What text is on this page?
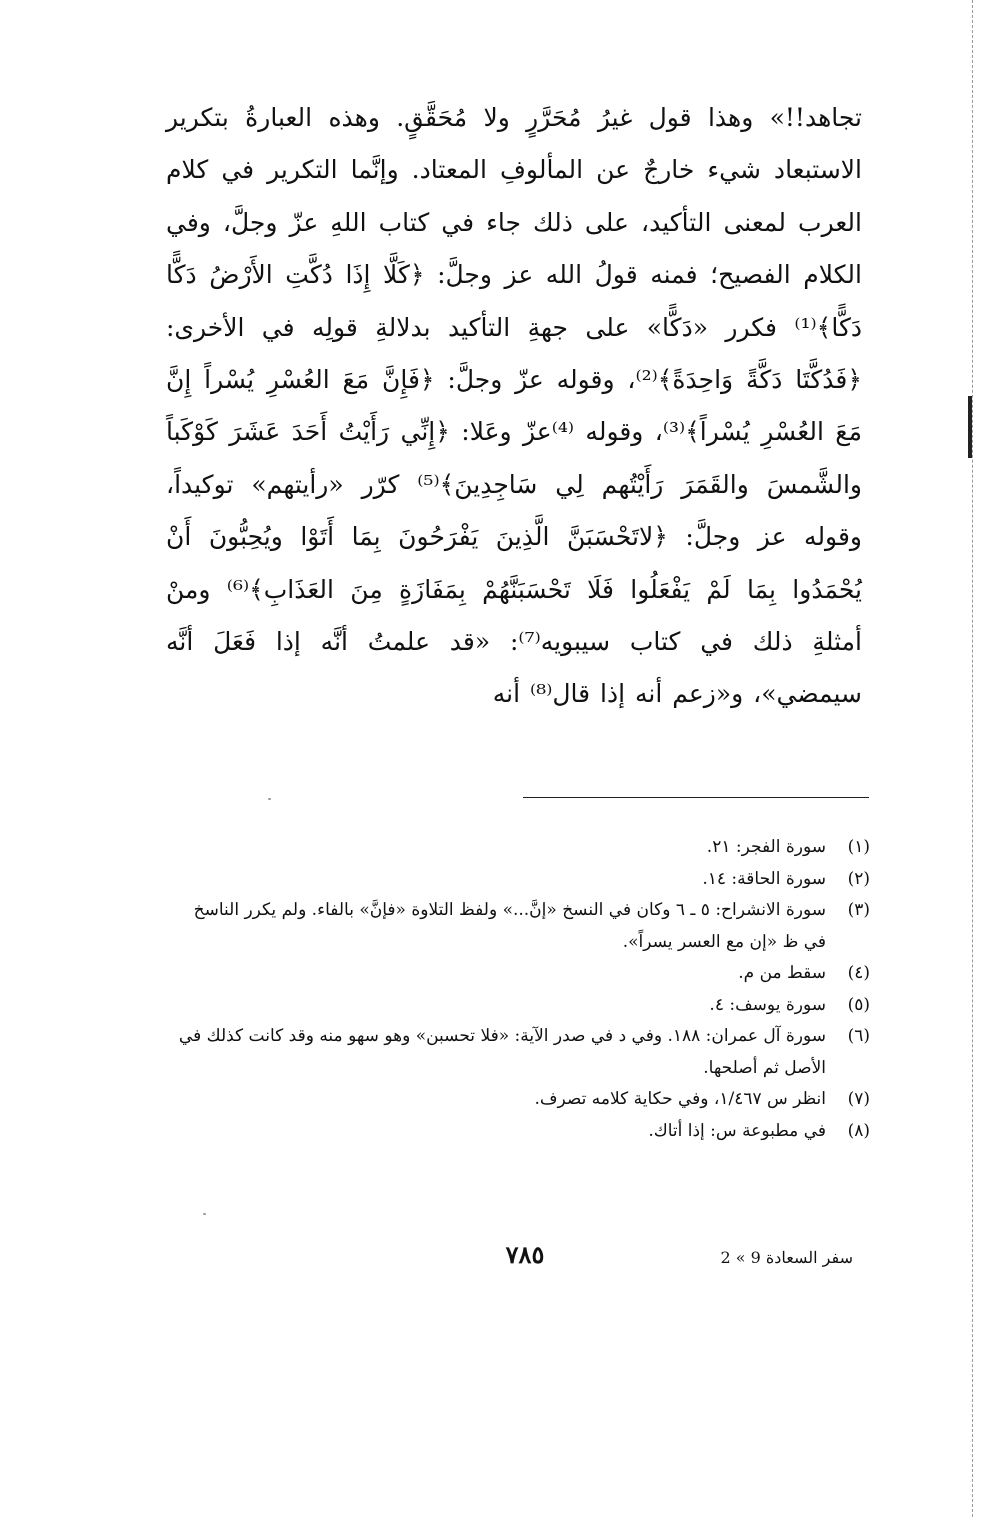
تجاهد!!» وهذا قول غيرُ مُحَرَّرٍ ولا مُحَقَّقٍ. وهذه العبارةُ بتكرير الاستبعاد شيء خارجٌ عن المألوفِ المعتاد. وإنَّما التكرير في كلام العرب لمعنى التأكيد، على ذلك جاء في كتاب اللهِ عزّ وجلَّ، وفي الكلام الفصيح؛ فمنه قولُ الله عز وجلَّ: ﴿كَلَّا إِذَا دُكَّتِ الأَرْضُ دَكًّا دَكًّا﴾⁽¹⁾ فكرر «دَكًّا» على جهةِ التأكيد بدلالةِ قولِه في الأخرى: ﴿فَدُكَّتَا دَكَّةً وَاحِدَةً﴾⁽²⁾، وقوله عزّ وجلَّ: ﴿فَإِنَّ مَعَ العُسْرِ يُسْراً إِنَّ مَعَ العُسْرِ يُسْراً﴾⁽³⁾، وقوله ⁽⁴⁾عزّ وعَلا: ﴿إِنِّي رَأَيْتُ أَحَدَ عَشَرَ كَوْكَباً والشَّمسَ والقَمَرَ رَأَيْتُهم لِي سَاجِدِينَ﴾⁽⁵⁾ كرّر «رأيتهم» توكيداً، وقوله عز وجلَّ: ﴿لاتَحْسَبَنَّ الَّذِينَ يَفْرَحُونَ بِمَا أَتَوْا ويُحِبُّونَ أَنْ يُحْمَدُوا بِمَا لَمْ يَفْعَلُوا فَلَا تَحْسَبَنَّهُمْ بِمَفَازَةٍ مِنَ العَذَابِ﴾⁽⁶⁾ ومنْ أمثلةِ ذلك في كتاب سيبويه⁽⁷⁾: «قد علمتُ أنَّه إذا فَعَلَ أنَّه سيمضي»، و«زعم أنه إذا قال⁽⁸⁾ أنه

(١)
سورة الفجر: ٢١.
(٢)
سورة الحاقة: ١٤.
(٣)
سورة الانشراح: ٥ ـ ٦ وكان في النسخ «إنَّ...» ولفظ التلاوة «فإنَّ» بالفاء. ولم يكرر الناسخ في ظ «إن مع العسر يسراً».
(٤)
سقط من م.
(٥)
سورة يوسف: ٤.
(٦)
سورة آل عمران: ١٨٨. وفي د في صدر الآية: «فلا تحسبن» وهو سهو منه وقد كانت كذلك في الأصل ثم أصلحها.
(٧)
انظر س ١/٤٦٧، وفي حكاية كلامه تصرف.
(٨)
في مطبوعة س: إذا أتاك.
سفر السعادة 9 » 2
٧٨٥
